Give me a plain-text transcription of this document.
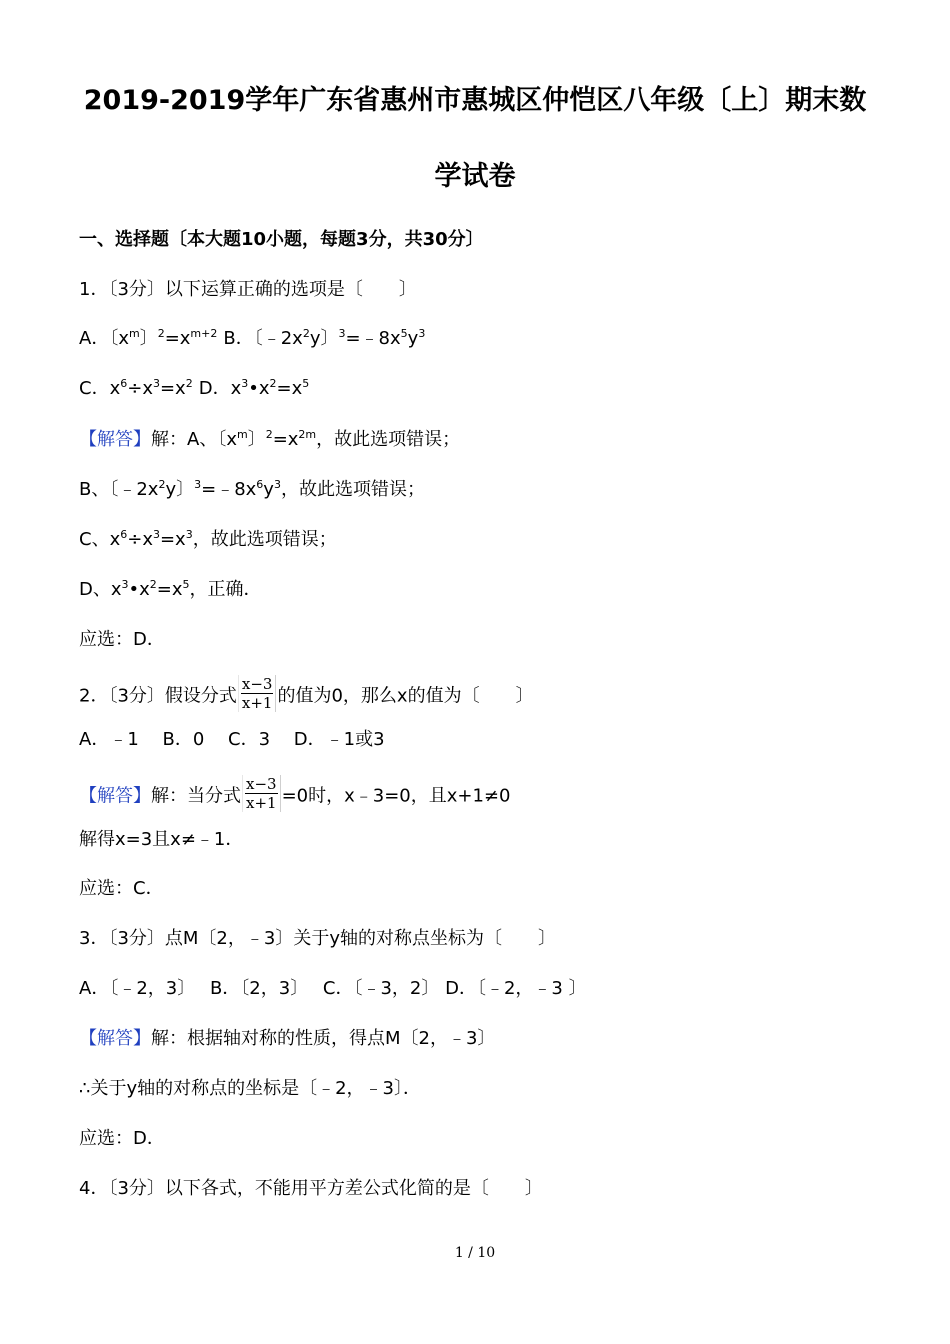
2019-2019学年广东省惠州市惠城区仲恺区八年级〔上〕期末数
学试卷

一、选择题〔本大题10小题，每题3分，共30分〕

1．〔3分〕以下运算正确的选项是〔　　〕

A．〔$x^m$〕$^2=x^{m+2}$ B．〔$﹣2x^2y$〕$^3=﹣8x^5y^3$

C．$x^6\div x^3=x^2$ D．$x^3•x^2=x^5$

【解答】解：A、〔$x^m$〕$^2=x^{2m}$，故此选项错误；

B、〔$﹣2x^2y$〕$^3=﹣8x^6y^3$，故此选项错误；

C、$x^6\div x^3=x^3$，故此选项错误；

D、$x^3•x^2=x^5$，正确．

应选：D．

2．〔3分〕假设分式 $\frac{x-3}{x+1}$ 的值为0，那么x的值为〔　　〕

A．﹣1　 B．0　 C．3　 D．﹣1或3

【解答】解：当分式 $\frac{x-3}{x+1} =0$时，x﹣3=0，且x+1≠0

解得x=3且x≠﹣1．

应选：C．

3．〔3分〕点M〔2，﹣3〕关于y轴的对称点坐标为〔　　〕

A．〔﹣2，3〕　 B．〔2，3〕　 C．〔﹣3，2〕 D．〔﹣2，﹣3 〕

【解答】解：根据轴对称的性质，得点M〔2，﹣3〕

∴关于y轴的对称点的坐标是〔﹣2，﹣3〕．

应选：D．

4．〔3分〕以下各式，不能用平方差公式化简的是〔　　〕

1 / 10
